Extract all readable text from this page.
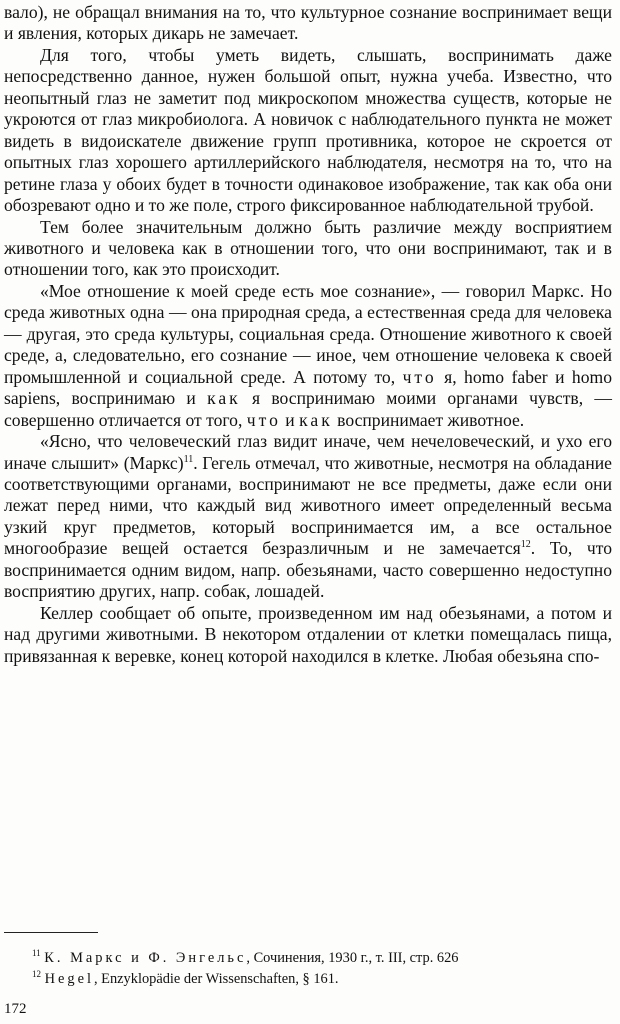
вало), не обращал внимания на то, что культурное сознание воспринимает вещи и явления, которых дикарь не замечает.

Для того, чтобы уметь видеть, слышать, воспринимать даже непосредственно данное, нужен большой опыт, нужна учеба. Известно, что неопытный глаз не заметит под микроскопом множества существ, которые не укроются от глаз микробиолога. А новичок с наблюдательного пункта не может видеть в видоискателе движение групп противника, которое не скроется от опытных глаз хорошего артиллерийского наблюдателя, несмотря на то, что на ретине глаза у обоих будет в точности одинаковое изображение, так как оба они обозревают одно и то же поле, строго фиксированное наблюдательной трубой.

Тем более значительным должно быть различие между восприятием животного и человека как в отношении того, что они воспринимают, так и в отношении того, как это происходит.

«Мое отношение к моей среде есть мое сознание», — говорил Маркс. Но среда животных одна — она природная среда, а естественная среда для человека — другая, это среда культуры, социальная среда. Отношение животного к своей среде, а, следовательно, его сознание — иное, чем отношение человека к своей промышленной и социальной среде. А потому то, что я, homo faber и homo sapiens, воспринимаю и как я воспринимаю моими органами чувств, — совершенно отличается от того, что и как воспринимает животное.

«Ясно, что человеческий глаз видит иначе, чем нечеловеческий, и ухо его иначе слышит» (Маркс)$^{11}$. Гегель отмечал, что животные, несмотря на обладание соответствующими органами, воспринимают не все предметы, даже если они лежат перед ними, что каждый вид животного имеет определенный весьма узкий круг предметов, который воспринимается им, а все остальное многообразие вещей остается безразличным и не замечается$^{12}$. То, что воспринимается одним видом, напр. обезьянами, часто совершенно недоступно восприятию других, напр. собак, лошадей.

Келлер сообщает об опыте, произведенном им над обезьянами, а потом и над другими животными. В некотором отдалении от клетки помещалась пища, привязанная к веревке, конец которой находился в клетке. Любая обезьяна спо-

$^{11}$ К. Маркс и Ф. Энгельс, Сочинения, 1930 г., т. III, стр. 626
$^{12}$ Hegel, Enzyklopädie der Wissenschaften, § 161.
172
